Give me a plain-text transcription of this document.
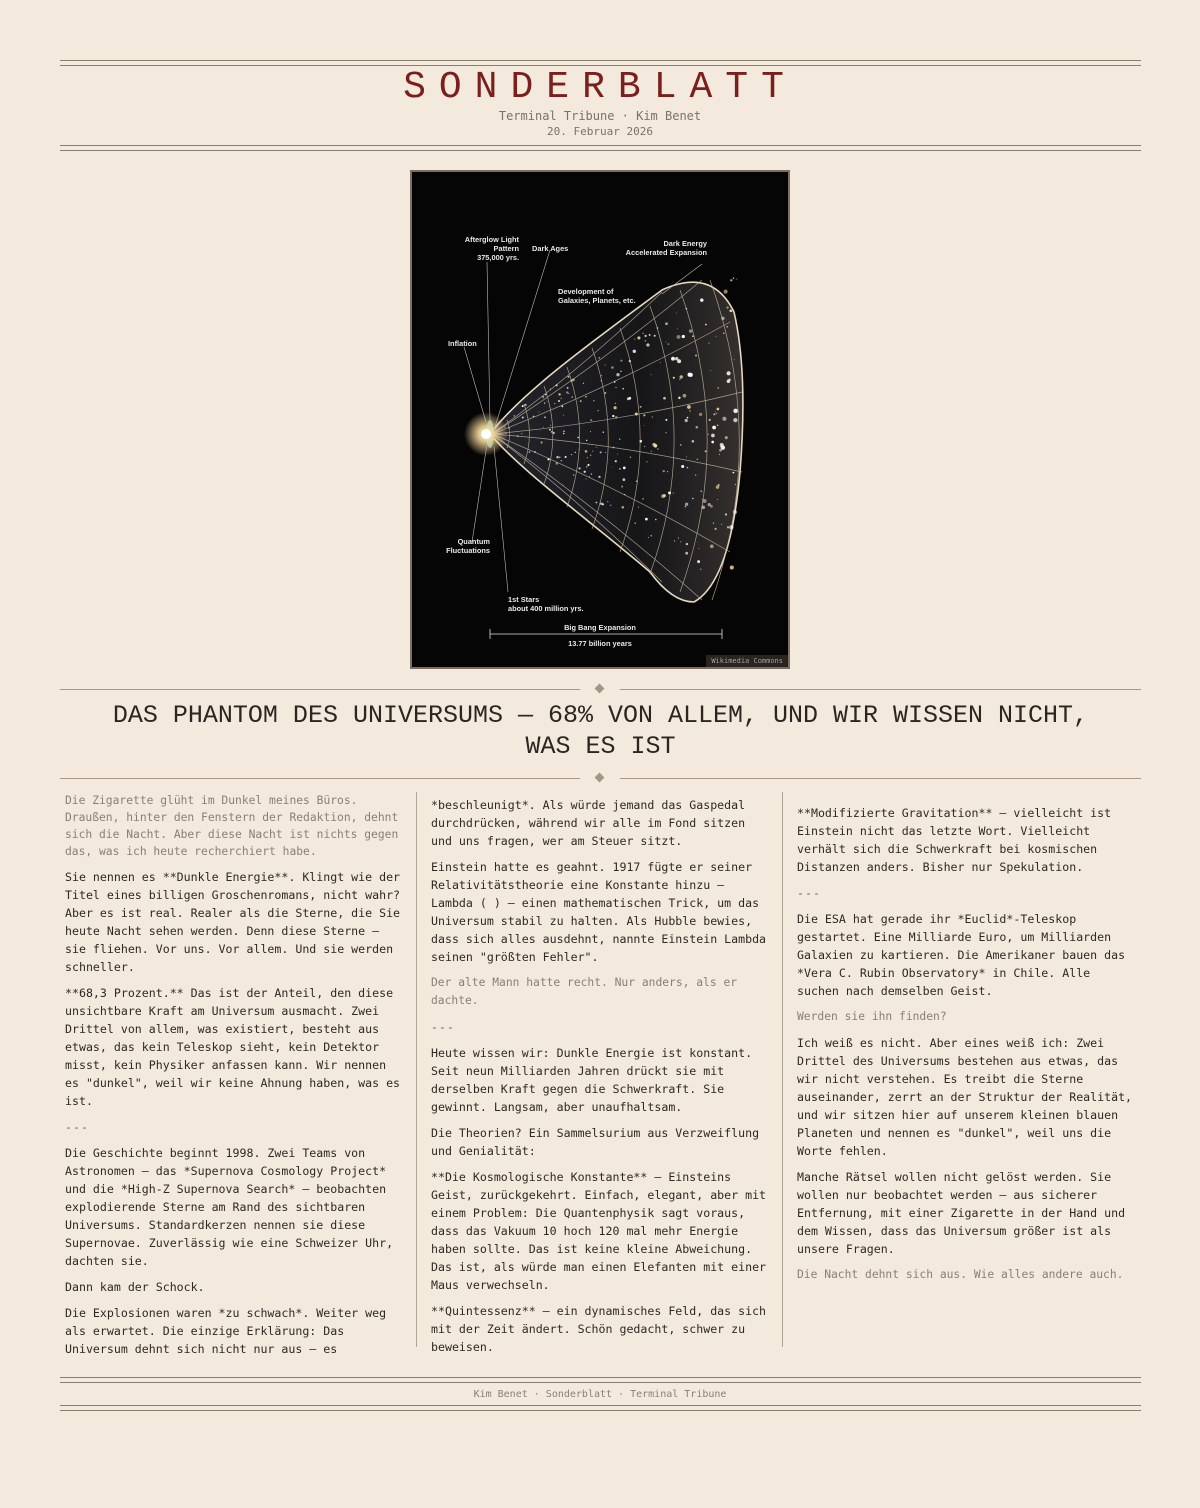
SONDERBLATT
Terminal Tribune · Kim Benet
20. Februar 2026
Afterglow Light
Pattern
375,000 yrs.
Dark Ages
Dark Energy
Accelerated Expansion
Development of
Galaxies, Planets, etc.
Inflation
Quantum
Fluctuations
1st Stars
about 400 million yrs.
Big Bang Expansion
13.77 billion years
Wikimedia Commons
DAS PHANTOM DES UNIVERSUMS — 68% VON ALLEM, UND WIR WISSEN NICHT,
WAS ES IST

Die Zigarette glüht im Dunkel meines Büros. Draußen, hinter den Fenstern der Redaktion, dehnt sich die Nacht. Aber diese Nacht ist nichts gegen das, was ich heute recherchiert habe.

Sie nennen es **Dunkle Energie**. Klingt wie der Titel eines billigen Groschenromans, nicht wahr? Aber es ist real. Realer als die Sterne, die Sie heute Nacht sehen werden. Denn diese Sterne — sie fliehen. Vor uns. Vor allem. Und sie werden schneller.

**68,3 Prozent.** Das ist der Anteil, den diese unsichtbare Kraft am Universum ausmacht. Zwei Drittel von allem, was existiert, besteht aus etwas, das kein Teleskop sieht, kein Detektor misst, kein Physiker anfassen kann. Wir nennen es "dunkel", weil wir keine Ahnung haben, was es ist.

---

Die Geschichte beginnt 1998. Zwei Teams von Astronomen — das *Supernova Cosmology Project* und die *High-Z Supernova Search* — beobachten explodierende Sterne am Rand des sichtbaren Universums. Standardkerzen nennen sie diese Supernovae. Zuverlässig wie eine Schweizer Uhr, dachten sie.

Dann kam der Schock.

Die Explosionen waren *zu schwach*. Weiter weg als erwartet. Die einzige Erklärung: Das Universum dehnt sich nicht nur aus — es

*beschleunigt*. Als würde jemand das Gaspedal durchdrücken, während wir alle im Fond sitzen und uns fragen, wer am Steuer sitzt.

Einstein hatte es geahnt. 1917 fügte er seiner Relativitätstheorie eine Konstante hinzu — Lambda ( ) — einen mathematischen Trick, um das Universum stabil zu halten. Als Hubble bewies, dass sich alles ausdehnt, nannte Einstein Lambda seinen "größten Fehler".

Der alte Mann hatte recht. Nur anders, als er dachte.

---

Heute wissen wir: Dunkle Energie ist konstant. Seit neun Milliarden Jahren drückt sie mit derselben Kraft gegen die Schwerkraft. Sie gewinnt. Langsam, aber unaufhaltsam.

Die Theorien? Ein Sammelsurium aus Verzweiflung und Genialität:

**Die Kosmologische Konstante** — Einsteins Geist, zurückgekehrt. Einfach, elegant, aber mit einem Problem: Die Quantenphysik sagt voraus, dass das Vakuum 10 hoch 120 mal mehr Energie haben sollte. Das ist keine kleine Abweichung. Das ist, als würde man einen Elefanten mit einer Maus verwechseln.

**Quintessenz** — ein dynamisches Feld, das sich mit der Zeit ändert. Schön gedacht, schwer zu beweisen.

**Modifizierte Gravitation** — vielleicht ist Einstein nicht das letzte Wort. Vielleicht verhält sich die Schwerkraft bei kosmischen Distanzen anders. Bisher nur Spekulation.

---

Die ESA hat gerade ihr *Euclid*-Teleskop gestartet. Eine Milliarde Euro, um Milliarden Galaxien zu kartieren. Die Amerikaner bauen das *Vera C. Rubin Observatory* in Chile. Alle suchen nach demselben Geist.

Werden sie ihn finden?

Ich weiß es nicht. Aber eines weiß ich: Zwei Drittel des Universums bestehen aus etwas, das wir nicht verstehen. Es treibt die Sterne auseinander, zerrt an der Struktur der Realität, und wir sitzen hier auf unserem kleinen blauen Planeten und nennen es "dunkel", weil uns die Worte fehlen.

Manche Rätsel wollen nicht gelöst werden. Sie wollen nur beobachtet werden — aus sicherer Entfernung, mit einer Zigarette in der Hand und dem Wissen, dass das Universum größer ist als unsere Fragen.

Die Nacht dehnt sich aus. Wie alles andere auch.

Kim Benet · Sonderblatt · Terminal Tribune
